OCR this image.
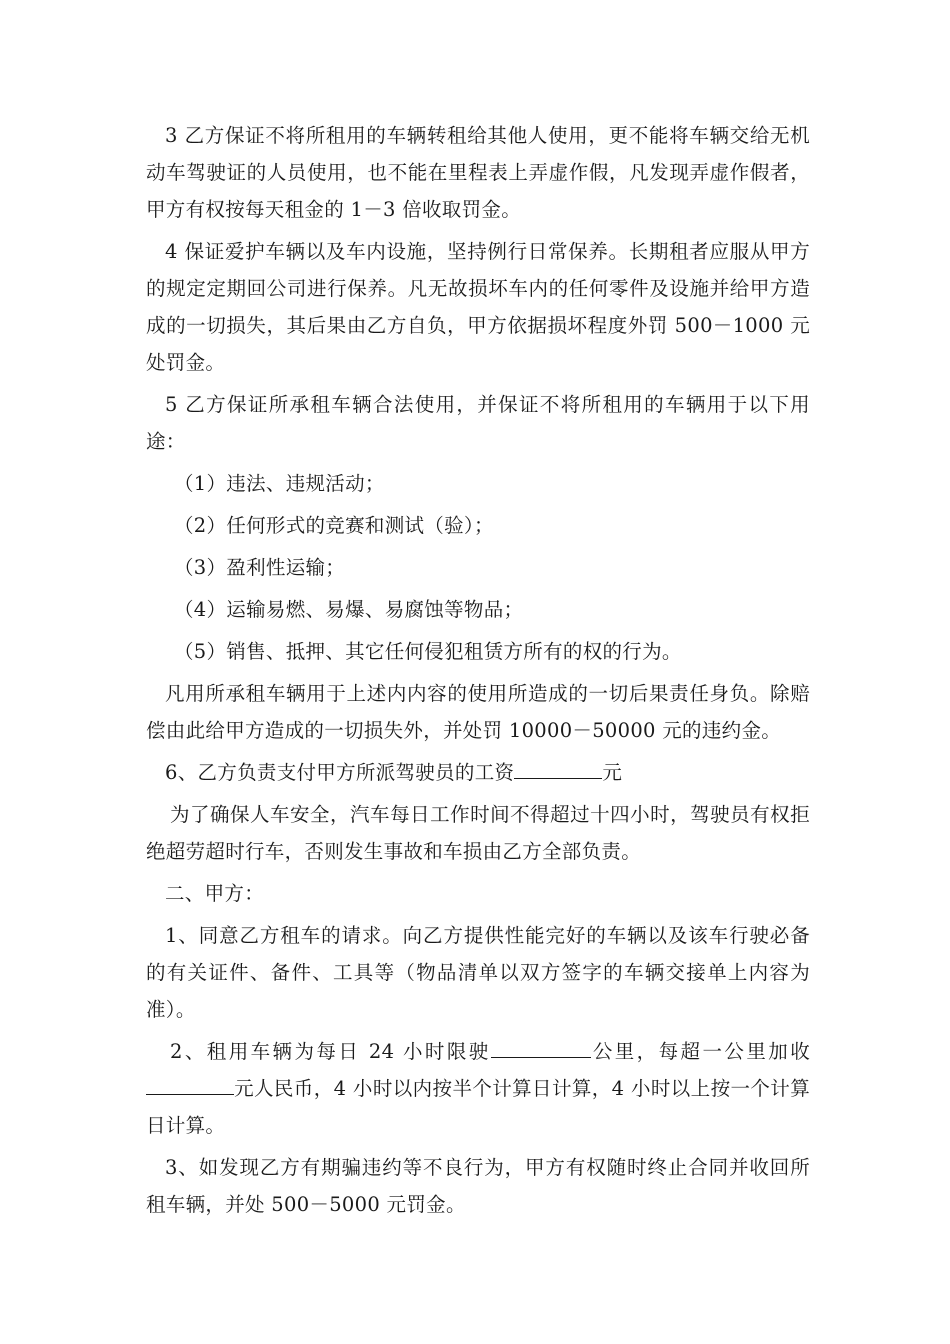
3 乙方保证不将所租用的车辆转租给其他人使用，更不能将车辆交给无机动车驾驶证的人员使用，也不能在里程表上弄虚作假，凡发现弄虚作假者，甲方有权按每天租金的 1－3 倍收取罚金。

4 保证爱护车辆以及车内设施，坚持例行日常保养。长期租者应服从甲方的规定定期回公司进行保养。凡无故损坏车内的任何零件及设施并给甲方造成的一切损失，其后果由乙方自负，甲方依据损坏程度外罚 500－1000 元处罚金。

5 乙方保证所承租车辆合法使用，并保证不将所租用的车辆用于以下用途：

（1）违法、违规活动；

（2）任何形式的竞赛和测试（验）；

（3）盈利性运输；

（4）运输易燃、易爆、易腐蚀等物品；

（5）销售、抵押、其它任何侵犯租赁方所有的权的行为。

凡用所承租车辆用于上述内内容的使用所造成的一切后果责任身负。除赔偿由此给甲方造成的一切损失外，并处罚 10000－50000 元的违约金。

6、乙方负责支付甲方所派驾驶员的工资	元

为了确保人车安全，汽车每日工作时间不得超过十四小时，驾驶员有权拒绝超劳超时行车，否则发生事故和车损由乙方全部负责。

二、甲方：

1、同意乙方租车的请求。向乙方提供性能完好的车辆以及该车行驶必备的有关证件、备件、工具等（物品清单以双方签字的车辆交接单上内容为准）。

2、租用车辆为每日 24 小时限驶	公里，每超一公里加收元人民币，4 小时以内按半个计算日计算，4 小时以上按一个计算日计算。

3、如发现乙方有期骗违约等不良行为，甲方有权随时终止合同并收回所租车辆，并处 500－5000 元罚金。
